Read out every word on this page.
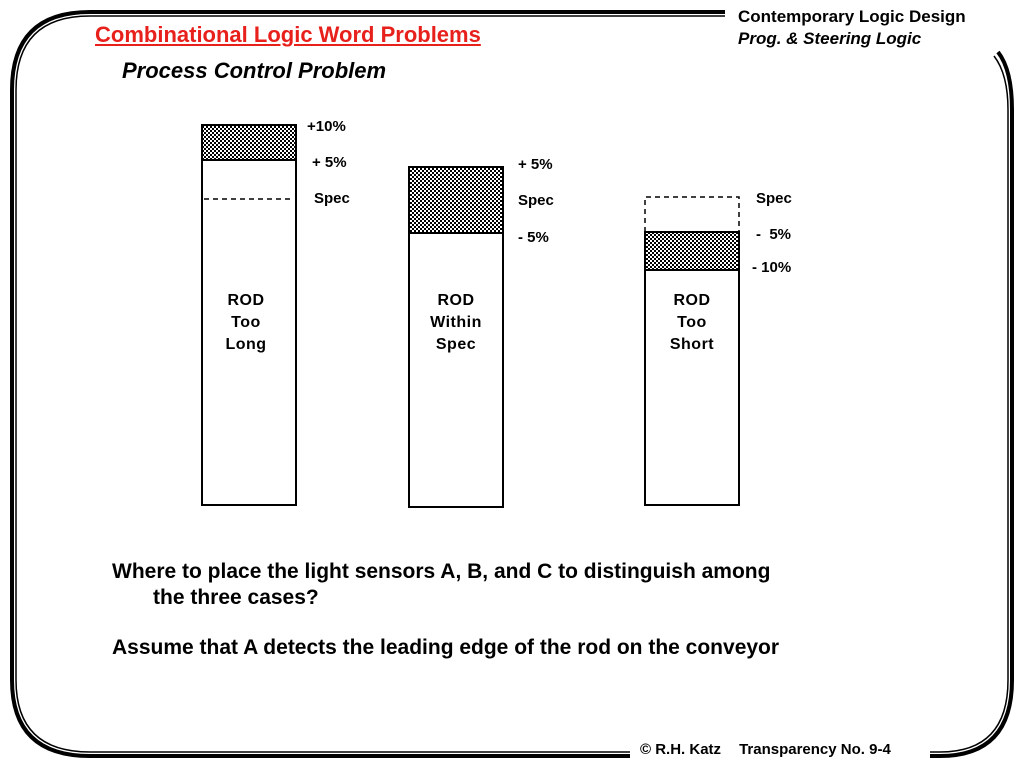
Combinational Logic Word Problems
Process Control Problem
Contemporary Logic Design
Prog. & Steering Logic
+10%
+ 5%
Spec
ROD
Too
Long
+ 5%
Spec
- 5%
ROD
Within
Spec
Spec
-  5%
- 10%
ROD
Too
Short
Where to place the light sensors A, B, and C to distinguish among
the three cases?
Assume that A detects the leading edge of the rod on the conveyor
© R.H. Katz Transparency No. 9-4
